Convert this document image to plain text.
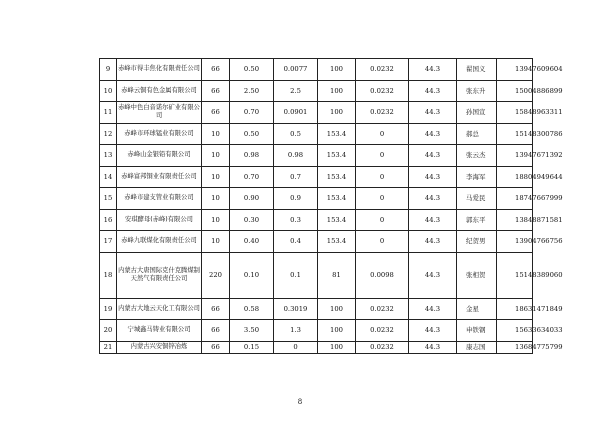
9	赤峰市得丰焦化有限责任公司	66	0.50	0.0077	100	0.0232	44.3	翟国义	13947609604
10	赤峰云铜有色金属有限公司	66	2.50	2.5	100	0.0232	44.3	张东升	15004886899
11	赤峰中色白音诺尔矿业有限公司	66	0.70	0.0901	100	0.0232	44.3	孙国宣	15848963311
12	赤峰市环球锰业有限公司	10	0.50	0.5	153.4	0	44.3	郝总	15148300786
13	赤峰山金银铅有限公司	10	0.98	0.98	153.4	0	44.3	张云杰	13947671392
14	赤峰富邦铜业有限责任公司	10	0.70	0.7	153.4	0	44.3	李海军	18804949644
15	赤峰市建支管业有限公司	10	0.90	0.9	153.4	0	44.3	马爱民	18747667999
16	安琪酵母(赤峰)有限公司	10	0.30	0.3	153.4	0	44.3	郭东平	13848871581
17	赤峰九联煤化有限责任公司	10	0.40	0.4	153.4	0	44.3	纪贺男	13904766756
18	内蒙古大唐国际克什克腾煤制天然气有限责任公司	220	0.10	0.1	81	0.0098	44.3	张相贺	15148389060
19	内蒙古大地云天化工有限公司	66	0.58	0.3019	100	0.0232	44.3	金星	18631471849
20	宁城鑫马铸业有限公司	66	3.50	1.3	100	0.0232	44.3	申铁钢	15633634033
21	内蒙古兴安铜锌冶炼	66	0.15	0	100	0.0232	44.3	康志国	13684775799
8
